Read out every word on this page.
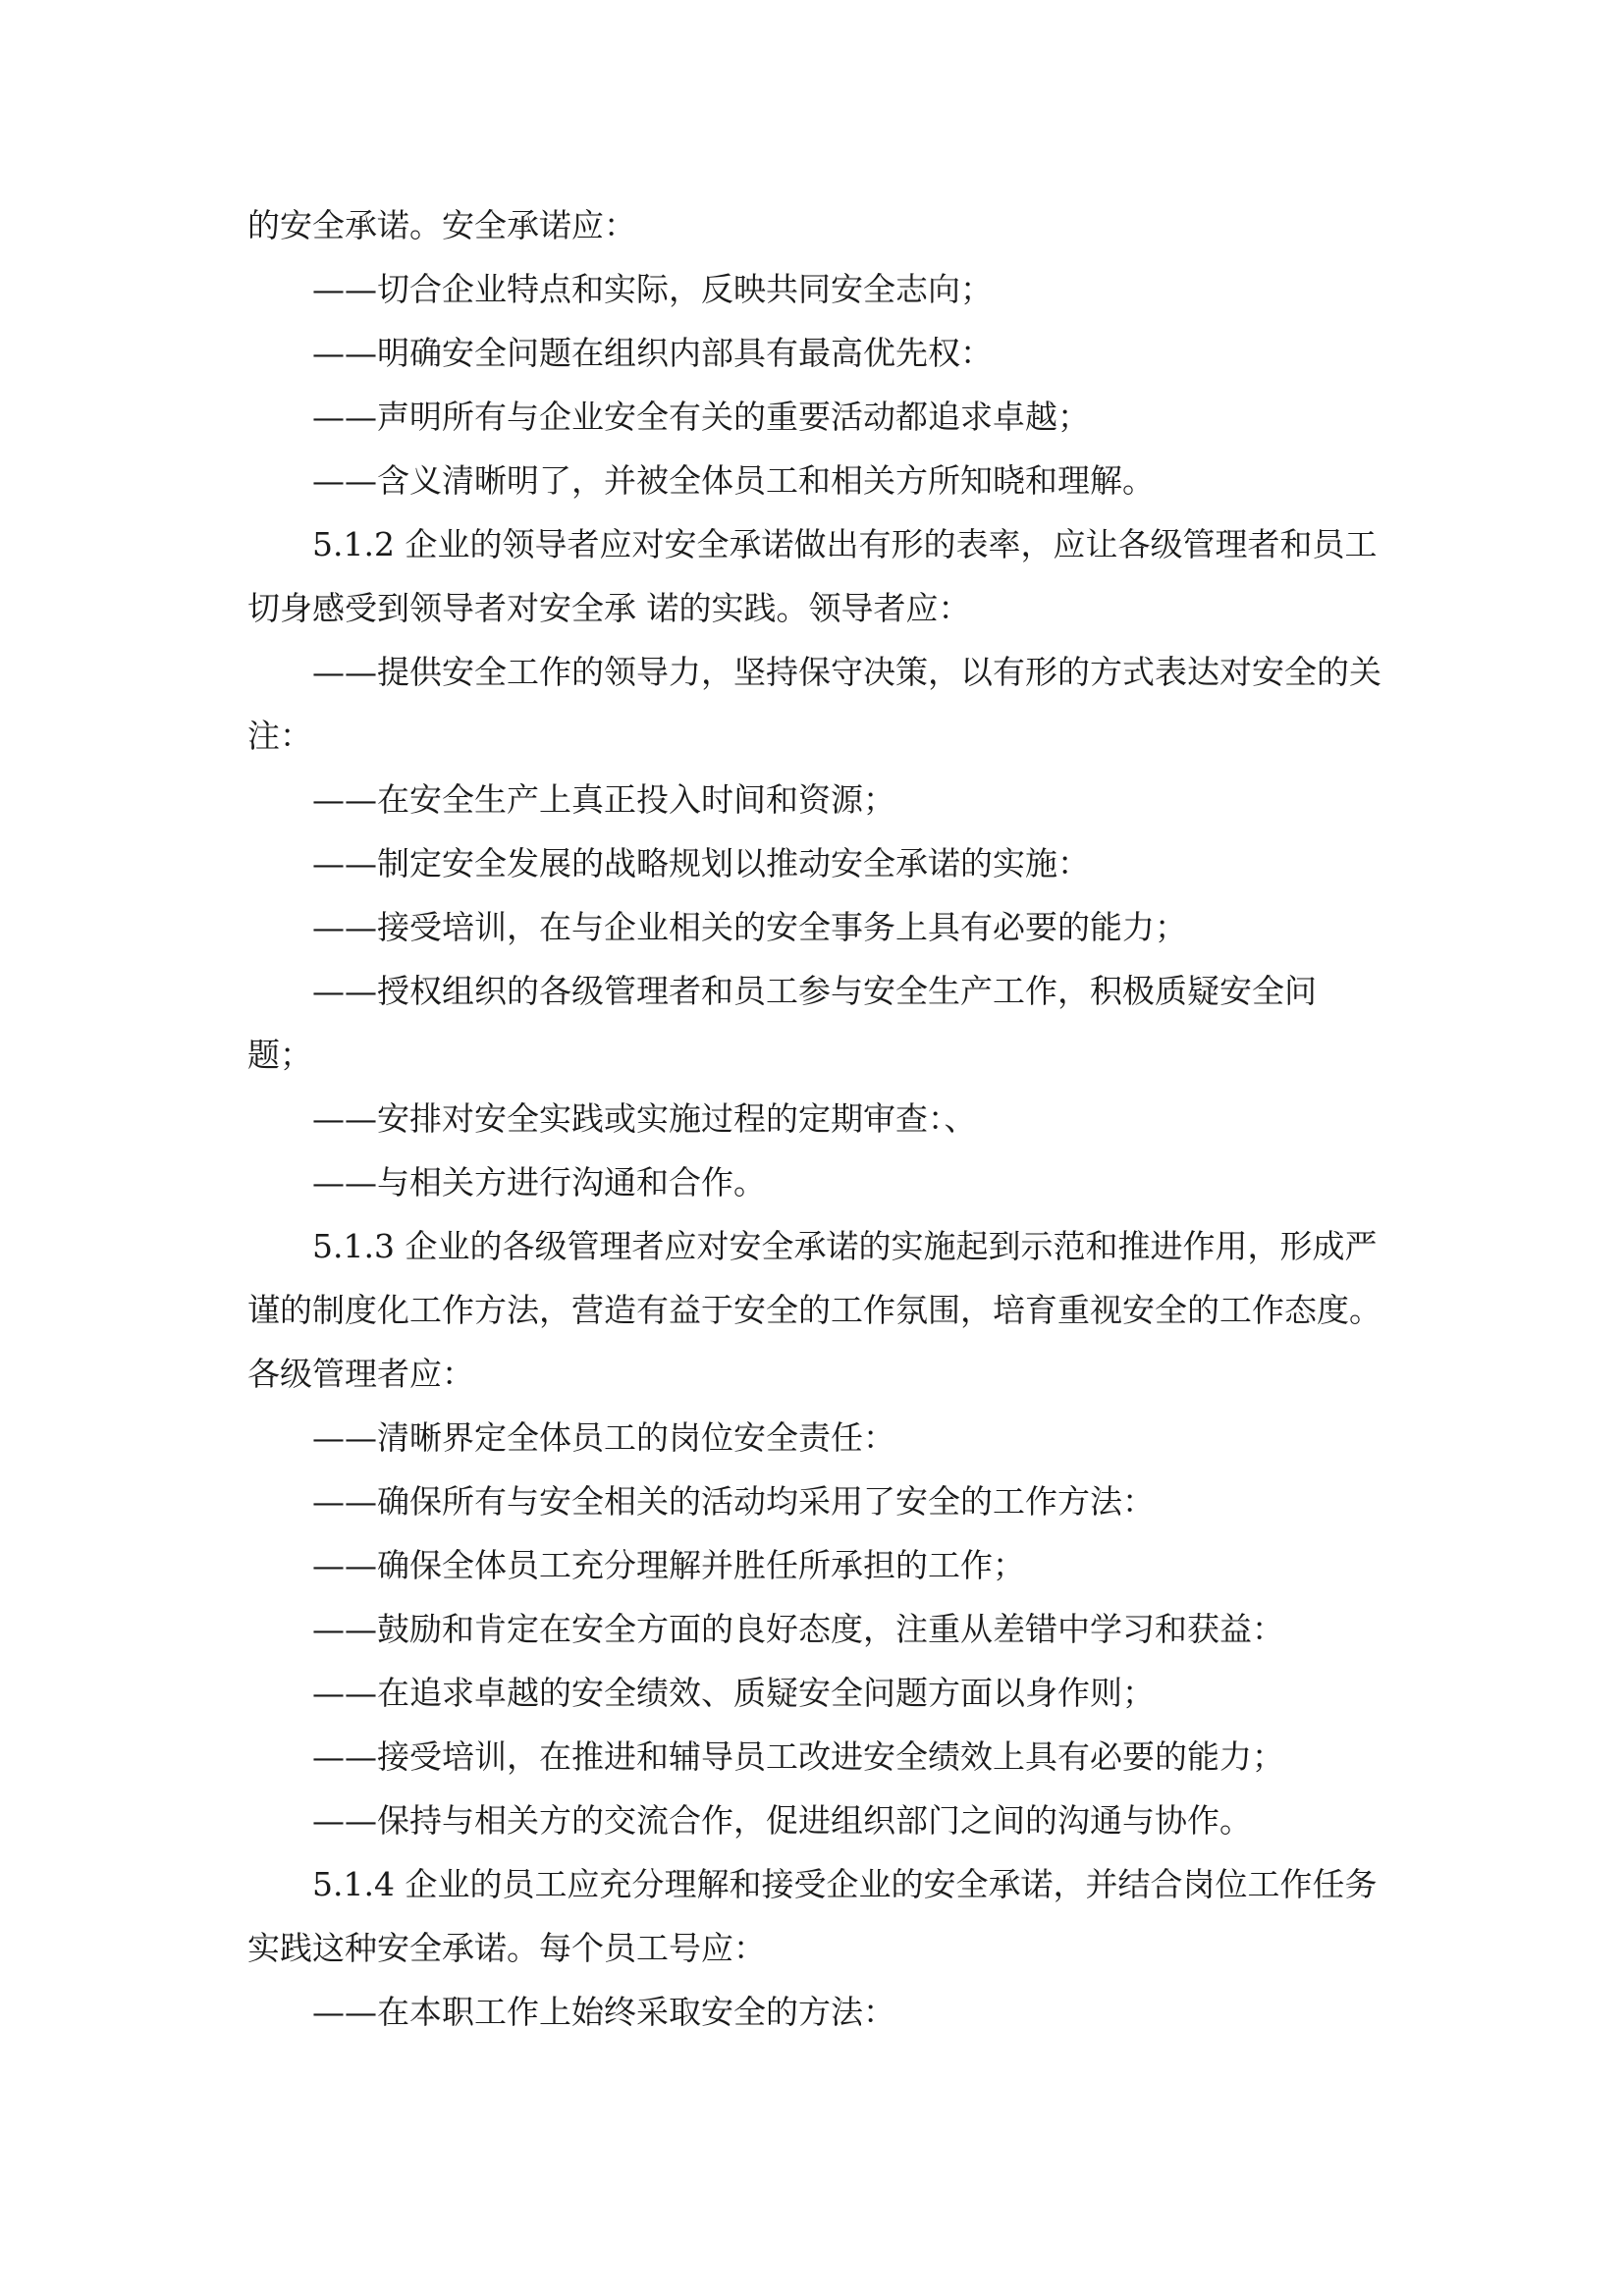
的安全承诺。安全承诺应：

——切合企业特点和实际，反映共同安全志向；

——明确安全问题在组织内部具有最高优先权：

——声明所有与企业安全有关的重要活动都追求卓越；

——含义清晰明了，并被全体员工和相关方所知晓和理解。

5.1.2 企业的领导者应对安全承诺做出有形的表率，应让各级管理者和员工

切身感受到领导者对安全承 诺的实践。领导者应：

——提供安全工作的领导力，坚持保守决策，以有形的方式表达对安全的关

注：

——在安全生产上真正投入时间和资源；

——制定安全发展的战略规划以推动安全承诺的实施：

——接受培训，在与企业相关的安全事务上具有必要的能力；

——授权组织的各级管理者和员工参与安全生产工作，积极质疑安全问

题；

——安排对安全实践或实施过程的定期审查：、

——与相关方进行沟通和合作。

5.1.3 企业的各级管理者应对安全承诺的实施起到示范和推进作用，形成严

谨的制度化工作方法，营造有益于安全的工作氛围，培育重视安全的工作态度。

各级管理者应：

——清晰界定全体员工的岗位安全责任：

——确保所有与安全相关的活动均采用了安全的工作方法：

——确保全体员工充分理解并胜任所承担的工作；

——鼓励和肯定在安全方面的良好态度，注重从差错中学习和获益：

——在追求卓越的安全绩效、质疑安全问题方面以身作则；

——接受培训，在推进和辅导员工改进安全绩效上具有必要的能力；

——保持与相关方的交流合作，促进组织部门之间的沟通与协作。

5.1.4 企业的员工应充分理解和接受企业的安全承诺，并结合岗位工作任务

实践这种安全承诺。每个员工号应：

——在本职工作上始终采取安全的方法：
